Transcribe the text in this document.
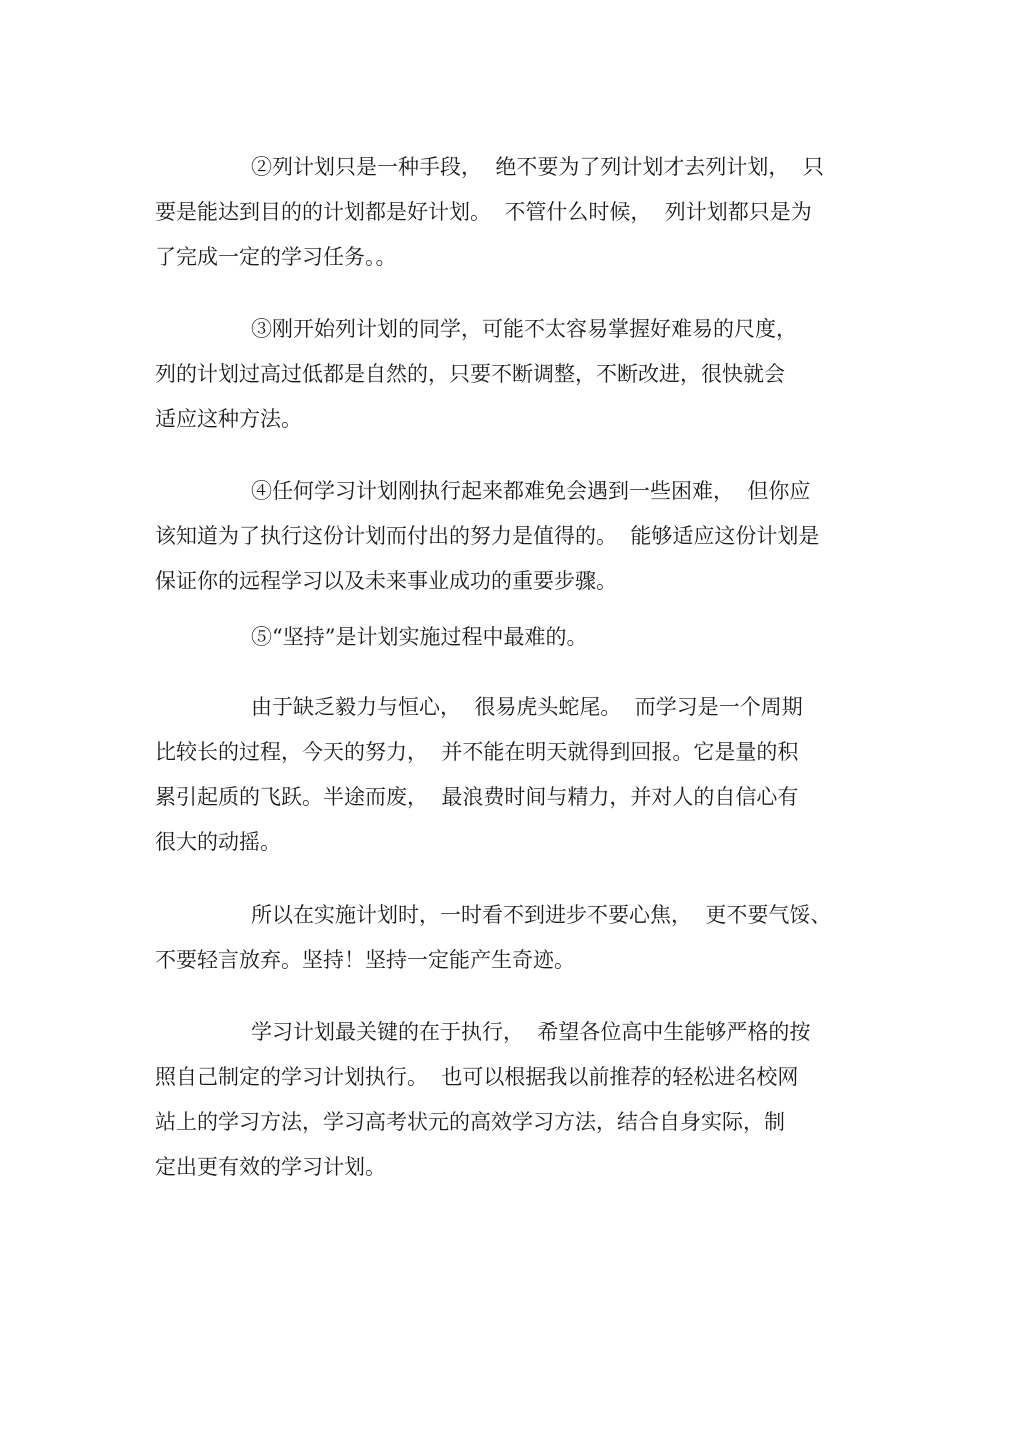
②列计划只是一种手段，  绝不要为了列计划才去列计划，  只
要是能达到目的的计划都是好计划。  不管什么时候，  列计划都只是为
了完成一定的学习任务。。

③刚开始列计划的同学，可能不太容易掌握好难易的尺度，
列的计划过高过低都是自然的，只要不断调整，不断改进，很快就会
适应这种方法。

④任何学习计划刚执行起来都难免会遇到一些困难，  但你应
该知道为了执行这份计划而付出的努力是值得的。  能够适应这份计划是
保证你的远程学习以及未来事业成功的重要步骤。

⑤“坚持”是计划实施过程中最难的。

由于缺乏毅力与恒心，  很易虎头蛇尾。  而学习是一个周期
比较长的过程，今天的努力，  并不能在明天就得到回报。它是量的积
累引起质的飞跃。半途而废，  最浪费时间与精力，并对人的自信心有
很大的动摇。

所以在实施计划时，一时看不到进步不要心焦，  更不要气馁、
不要轻言放弃。坚持！坚持一定能产生奇迹。

学习计划最关键的在于执行，  希望各位高中生能够严格的按
照自己制定的学习计划执行。  也可以根据我以前推荐的轻松进名校网
站上的学习方法，学习高考状元的高效学习方法，结合自身实际，制
定出更有效的学习计划。
